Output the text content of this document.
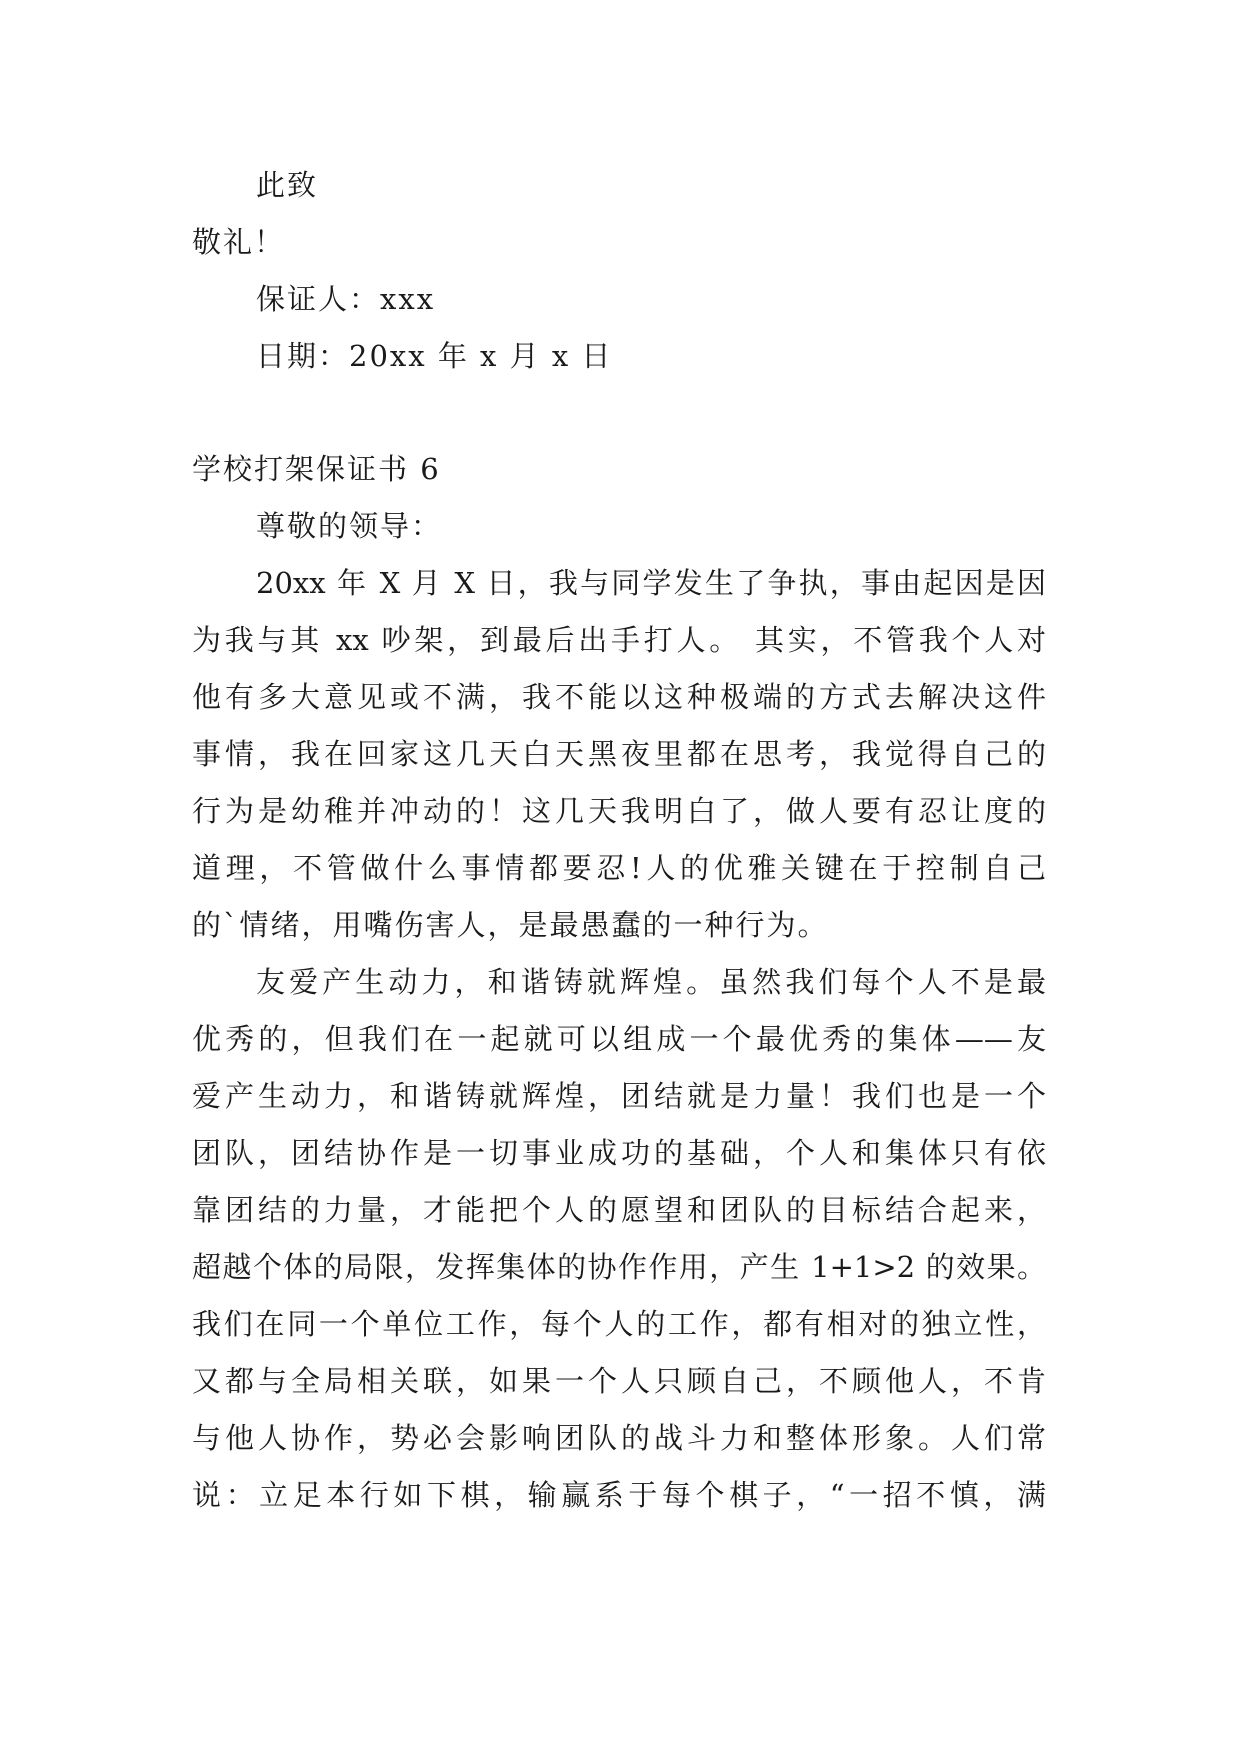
此致
敬礼！
保证人：xxx
日期：20xx 年 x 月 x 日
学校打架保证书 6
尊敬的领导：
20xx 年 X 月 X 日，我与同学发生了争执，事由起因是因
为我与其 xx 吵架，到最后出手打人。 其实，不管我个人对
他有多大意见或不满，我不能以这种极端的方式去解决这件
事情，我在回家这几天白天黑夜里都在思考，我觉得自己的
行为是幼稚并冲动的！这几天我明白了，做人要有忍让度的
道理，不管做什么事情都要忍!人的优雅关键在于控制自己
的`情绪，用嘴伤害人，是最愚蠢的一种行为。
友爱产生动力，和谐铸就辉煌。虽然我们每个人不是最
优秀的，但我们在一起就可以组成一个最优秀的集体——友
爱产生动力，和谐铸就辉煌，团结就是力量！我们也是一个
团队，团结协作是一切事业成功的基础，个人和集体只有依
靠团结的力量，才能把个人的愿望和团队的目标结合起来，
超越个体的局限，发挥集体的协作作用，产生 1+1>2 的效果。
我们在同一个单位工作，每个人的工作，都有相对的独立性，
又都与全局相关联，如果一个人只顾自己，不顾他人，不肯
与他人协作，势必会影响团队的战斗力和整体形象。人们常
说：立足本行如下棋，输赢系于每个棋子，“一招不慎，满
